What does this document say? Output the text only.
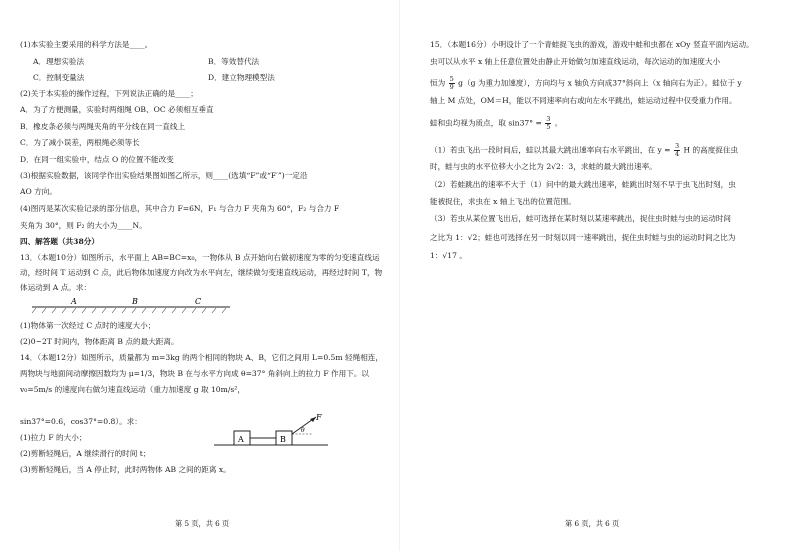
(1)本实验主要采用的科学方法是____。
A．理想实验法	B．等效替代法
C．控制变量法	D．建立物理模型法
(2)关于本实验的操作过程，下列说法正确的是____；
A．为了方便测量，实验时两细绳 OB、OC 必须相互垂直
B．橡皮条必须与两绳夹角的平分线在同一直线上
C．为了减小误差，两根绳必须等长
D．在同一组实验中，结点 O 的位置不能改变
(3)根据实验数据，该同学作出实验结果图如图乙所示，则____(选填“F”或“F′”)一定沿
AO 方向。
(4)图丙是某次实验记录的部分信息，其中合力 F=6N，F₁ 与合力 F 夹角为 60°，F₂ 与合力 F
夹角为 30°，则 F₂ 的大小为____N。
四、解答题（共38分）
13．（本题10分）如图所示，水平面上 AB=BC=x₀，一物体从 B 点开始向右做初速度为零的匀变速直线运动，经时间 T 运动到 C 点，此后物体加速度方向改为水平向左，继续做匀变速直线运动，再经过时间 T，物体运动到 A 点。求：
A	B	C
(1)物体第一次经过 C 点时的速度大小；
(2)0~2T 时间内，物体距离 B 点的最大距离。
14．（本题12分）如图所示，质量都为 m=3kg 的两个相同的物块 A、B，它们之间用 L=0.5m 轻绳相连，两物块与地面间动摩擦因数均为 μ=1/3，物块 B 在与水平方向成 θ=37° 角斜向上的拉力 F 作用下。以 v₀=5m/s 的速度向右做匀速直线运动（重力加速度 g 取 10m/s²，
sin37°=0.6，cos37°=0.8）。求：
A	B
F
θ
(1)拉力 F 的大小；
(2)剪断轻绳后，A 继续滑行的时间 t；
(3)剪断轻绳后，当 A 停止时，此时两物体 AB 之间的距离 x。
第 5 页，共 6 页
15．（本题16分）小明设计了一个青蛙捉飞虫的游戏，游戏中蛙和虫都在 xOy 竖直平面内运动。
虫可以从水平 x 轴上任意位置处由静止开始做匀加速直线运动，每次运动的加速度大小
恒为 $\frac{5}{9} g(g$ 为重力加速度），方向均与 x 轴负方向成37°斜向上（x 轴向右为正）。蛙位于 y
轴上 M 点处，OM＝H，能以不同速率向右或向左水平跳出，蛙运动过程中仅受重力作用。
蛙和虫均视为质点，取 $\sin 37^\circ = \frac{3}{5}$ 。
（1）若虫飞出一段时间后，蛙以其最大跳出速率向右水平跳出，在 $y = \frac{3}{4}$ H 的高度捉住虫
时，蛙与虫的水平位移大小之比为 2√2：3，求蛙的最大跳出速率。
（2）若蛙跳出的速率不大于（1）问中的最大跳出速率，蛙跳出时刻不早于虫飞出时刻，虫
能被捉住，求虫在 x 轴上飞出的位置范围。
（3）若虫从某位置飞出后，蛙可选择在某时刻以某速率跳出，捉住虫时蛙与虫的运动时间
之比为 1：√2；蛙也可选择在另一时刻以同一速率跳出，捉住虫时蛙与虫的运动时间之比为
1：√17 。
第 6 页，共 6 页
